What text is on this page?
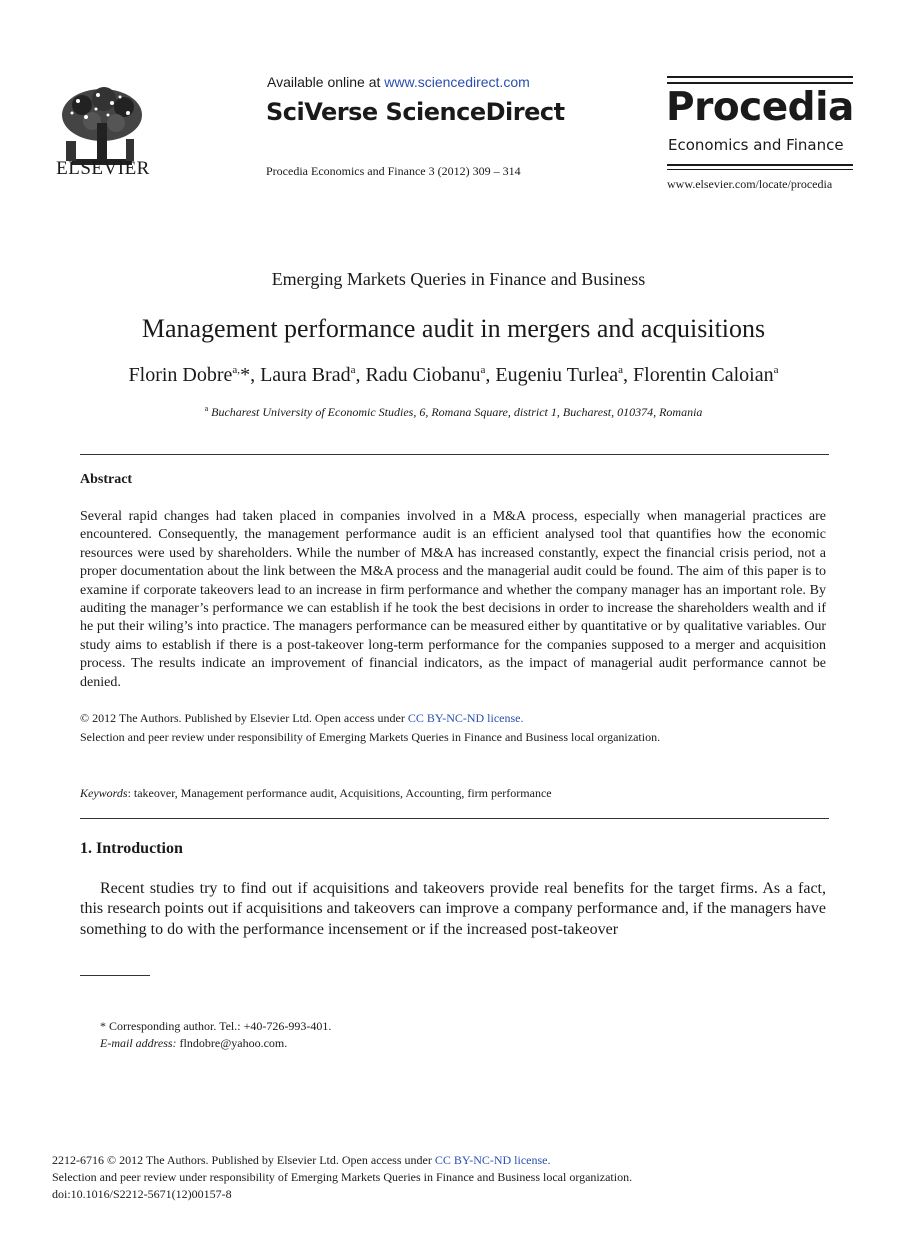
ELSEVIER
Available online at www.sciencedirect.com
SciVerse ScienceDirect
Procedia Economics and Finance 3 (2012) 309 – 314
Procedia
Economics and Finance
www.elsevier.com/locate/procedia
Emerging Markets Queries in Finance and Business
Management performance audit in mergers and acquisitions
Florin Dobre$^{a,}$*, Laura Brad$^a$, Radu Ciobanu$^a$, Eugeniu Turlea$^a$, Florentin Caloian$^a$
$^a$ Bucharest University of Economic Studies, 6, Romana Square, district 1, Bucharest, 010374, Romania
Abstract
Several rapid changes had taken placed in companies involved in a M&A process, especially when managerial practices are encountered. Consequently, the management performance audit is an efficient analysed tool that quantifies how the economic resources were used by shareholders. While the number of M&A has increased constantly, expect the financial crisis period, not a proper documentation about the link between the M&A process and the managerial audit could be found. The aim of this paper is to examine if corporate takeovers lead to an increase in firm performance and whether the company manager has an important role. By auditing the manager’s performance we can establish if he took the best decisions in order to increase the shareholders wealth and if he put their wiling’s into practice. The managers performance can be measured either by quantitative or by qualitative variables. Our study aims to establish if there is a post-takeover long-term performance for the companies supposed to a merger and acquisition process. The results indicate an improvement of financial indicators, as the impact of managerial audit performance cannot be denied.
© 2012 The Authors. Published by Elsevier Ltd. Open access under CC BY-NC-ND license.
Selection and peer review under responsibility of Emerging Markets Queries in Finance and Business local organization.
Keywords: takeover, Management performance audit, Acquisitions, Accounting, firm performance
1. Introduction
Recent studies try to find out if acquisitions and takeovers provide real benefits for the target firms. As a fact, this research points out if acquisitions and takeovers can improve a company performance and, if the managers have something to do with the performance incensement or if the increased post-takeover
* Corresponding author. Tel.: +40-726-993-401.
E-mail address: flndobre@yahoo.com.
2212-6716 © 2012 The Authors. Published by Elsevier Ltd. Open access under CC BY-NC-ND license.
Selection and peer review under responsibility of Emerging Markets Queries in Finance and Business local organization.
doi:10.1016/S2212-5671(12)00157-8
